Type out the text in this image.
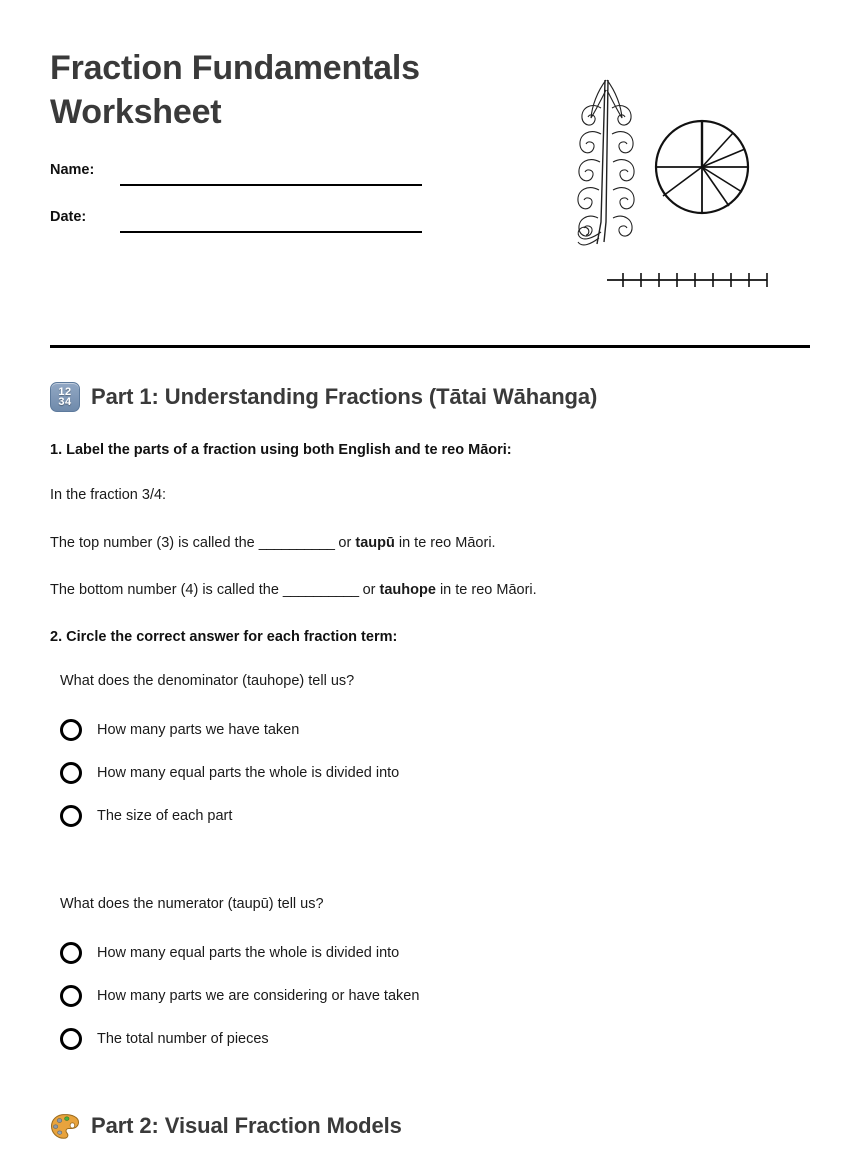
Fraction Fundamentals Worksheet
Name:
Date:
12
34 Part 1: Understanding Fractions (Tātai Wāhanga)

1. Label the parts of a fraction using both English and te reo Māori:

In the fraction 3/4:

The top number (3) is called the __________ or taupū in te reo Māori.

The bottom number (4) is called the __________ or tauhope in te reo Māori.

2. Circle the correct answer for each fraction term:

What does the denominator (tauhope) tell us?

How many parts we have taken
How many equal parts the whole is divided into
The size of each part

What does the numerator (taupū) tell us?

How many equal parts the whole is divided into
How many parts we are considering or have taken
The total number of pieces
Part 2: Visual Fraction Models
